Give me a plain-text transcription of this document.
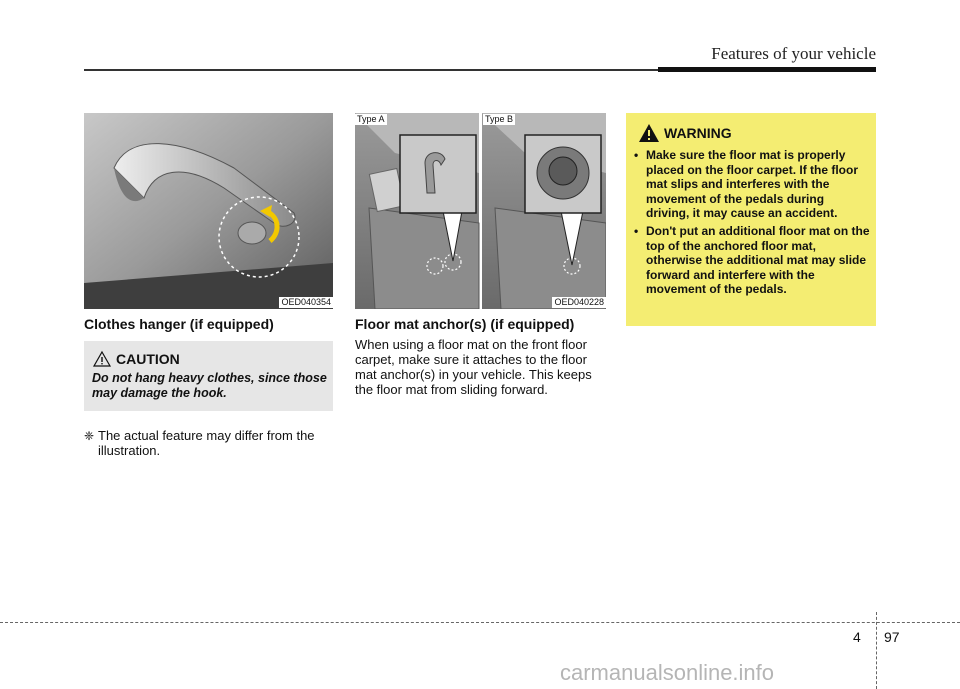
Features of your vehicle
OED040354
Clothes hanger (if equipped)
CAUTION
Do not hang heavy clothes, since those may damage the hook.
❈ The actual feature may differ from the illustration.
Type A	Type B
OED040228
Floor mat anchor(s) (if equipped)
When using a floor mat on the front floor carpet, make sure it attaches to the floor mat anchor(s) in your vehicle. This keeps the floor mat from sliding forward.
WARNING
• Make sure the floor mat is properly placed on the floor carpet. If the floor mat slips and interferes with the movement of the pedals during driving, it may cause an accident.
• Don't put an additional floor mat on the top of the anchored floor mat, otherwise the additional mat may slide forward and interfere with the movement of the pedals.
4 97
carmanualsonline.info
